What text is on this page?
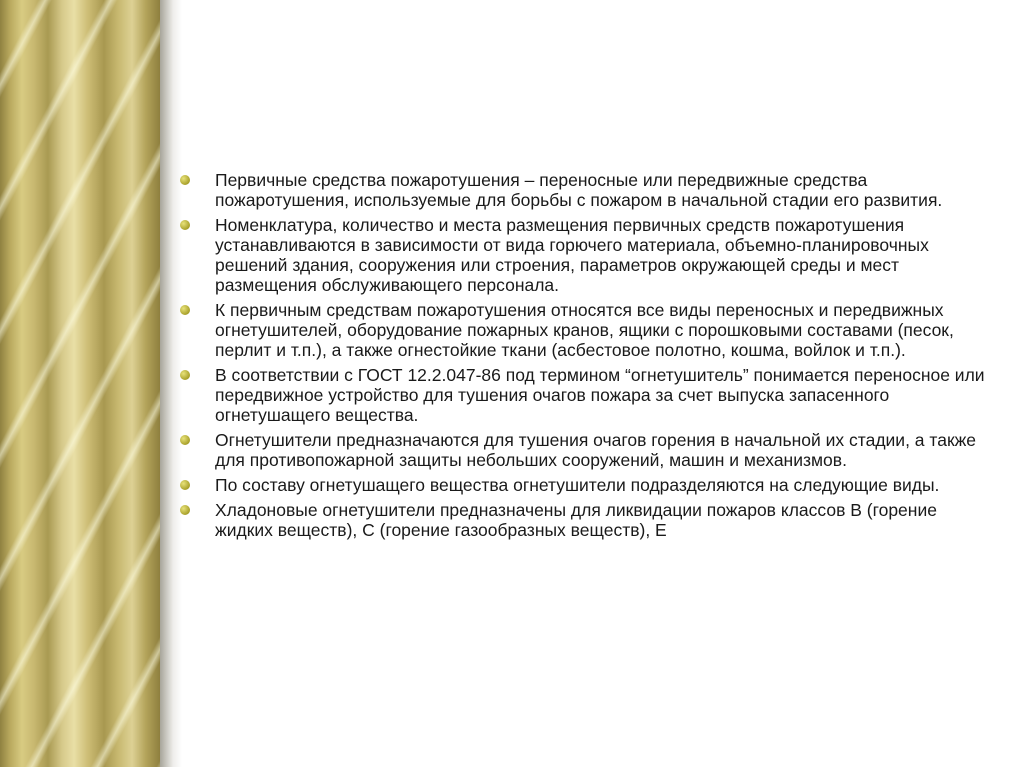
Первичные средства пожаротушения – переносные или передвижные средства пожаротушения, используемые для борьбы с пожаром в начальной стадии его развития.
Номенклатура, количество и места размещения первичных средств пожаротушения устанавливаются в зависимости от вида горючего материала, объемно-планировочных решений здания, сооружения или строения, параметров окружающей среды и мест размещения обслуживающего персонала.
К первичным средствам пожаротушения относятся все виды переносных и передвижных огнетушителей, оборудование пожарных кранов, ящики с порошковыми составами (песок, перлит и т.п.), а также огнестойкие ткани (асбестовое полотно, кошма, войлок и т.п.).
В соответствии с ГОСТ 12.2.047-86 под термином “огнетушитель” понимается переносное или передвижное устройство для тушения очагов пожара за счет выпуска запасенного огнетушащего вещества.
Огнетушители предназначаются для тушения очагов горения в начальной их стадии, а также для противопожарной защиты небольших сооружений, машин и механизмов.
По составу огнетушащего вещества огнетушители подразделяются на следующие виды.
Хладоновые огнетушители предназначены для ликвидации пожаров классов В (горение жидких веществ), С (горение газообразных веществ), Е
